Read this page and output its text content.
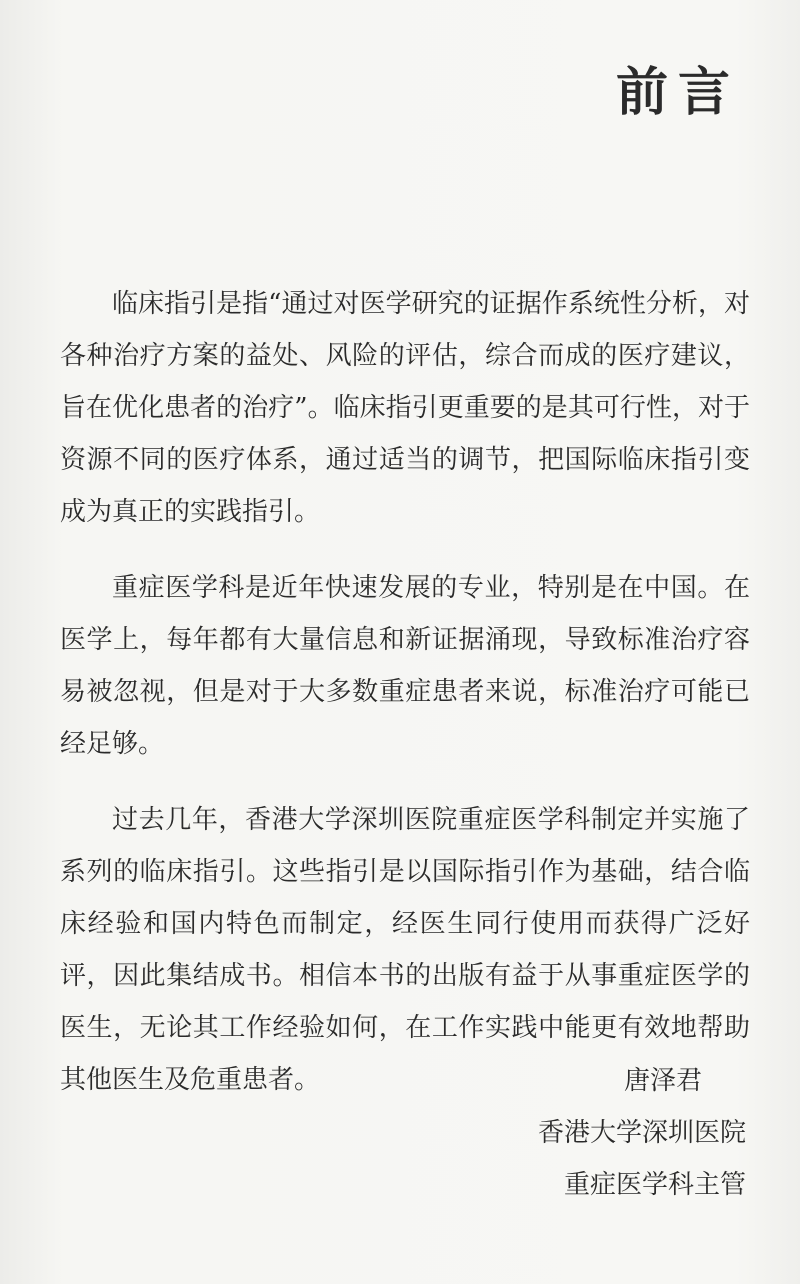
前言

临床指引是指“通过对医学研究的证据作系统性分析，对各种治疗方案的益处、风险的评估，综合而成的医疗建议，旨在优化患者的治疗”。临床指引更重要的是其可行性，对于资源不同的医疗体系，通过适当的调节，把国际临床指引变成为真正的实践指引。

重症医学科是近年快速发展的专业，特别是在中国。在医学上，每年都有大量信息和新证据涌现，导致标准治疗容易被忽视，但是对于大多数重症患者来说，标准治疗可能已经足够。

过去几年，香港大学深圳医院重症医学科制定并实施了系列的临床指引。这些指引是以国际指引作为基础，结合临床经验和国内特色而制定，经医生同行使用而获得广泛好评，因此集结成书。相信本书的出版有益于从事重症医学的医生，无论其工作经验如何，在工作实践中能更有效地帮助其他医生及危重患者。	唐泽君
香港大学深圳医院
重症医学科主管
